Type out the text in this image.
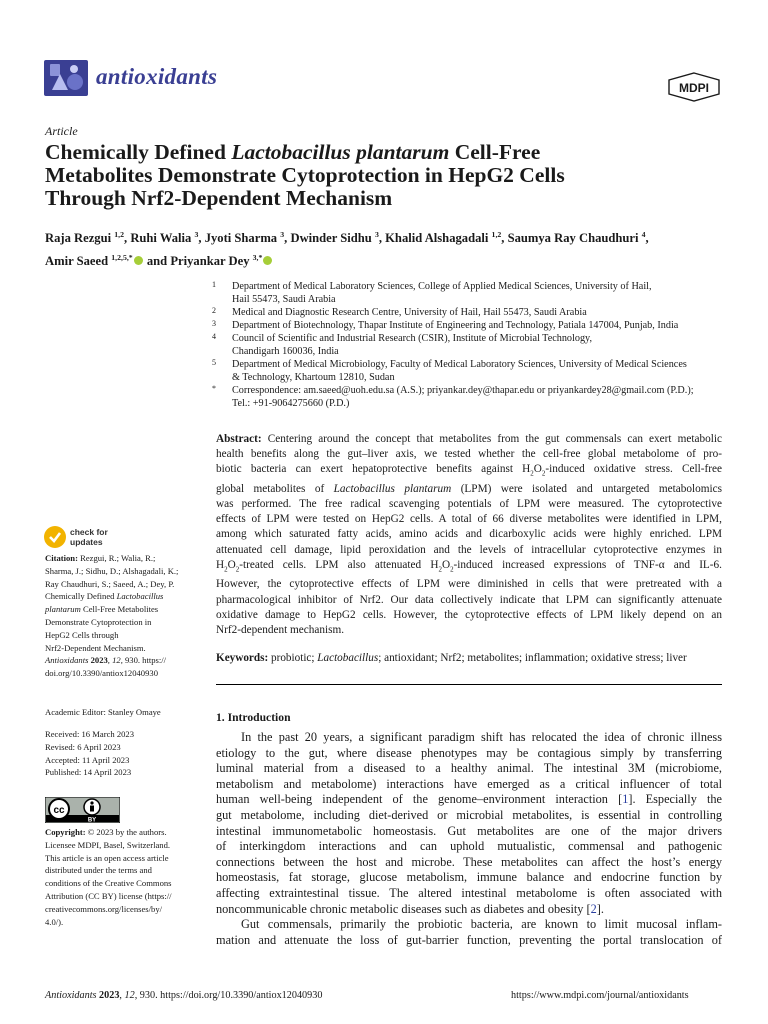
antioxidants	MDPI
Article
Chemically Defined Lactobacillus plantarum Cell-Free
Metabolites Demonstrate Cytoprotection in HepG2 Cells
Through Nrf2-Dependent Mechanism
Raja Rezgui $^{1,2}$, Ruhi Walia $^3$, Jyoti Sharma $^3$, Dwinder Sidhu $^3$, Khalid Alshagadali $^{1,2}$, Saumya Ray Chaudhuri $^4$,
Amir Saeed $^{1,2,5,*}$ and Priyankar Dey $^{3,*}$
1 Department of Medical Laboratory Sciences, College of Applied Medical Sciences, University of Hail,
Hail 55473, Saudi Arabia
2 Medical and Diagnostic Research Centre, University of Hail, Hail 55473, Saudi Arabia
3 Department of Biotechnology, Thapar Institute of Engineering and Technology, Patiala 147004, Punjab, India
4 Council of Scientific and Industrial Research (CSIR), Institute of Microbial Technology,
Chandigarh 160036, India
5 Department of Medical Microbiology, Faculty of Medical Laboratory Sciences, University of Medical Sciences
& Technology, Khartoum 12810, Sudan
* Correspondence: am.saeed@uoh.edu.sa (A.S.); priyankar.dey@thapar.edu or priyankardey28@gmail.com (P.D.);
Tel.: +91-9064275660 (P.D.)
Abstract: Centering around the concept that metabolites from the gut commensals can exert metabolic
health benefits along the gut–liver axis, we tested whether the cell-free global metabolome of pro-
biotic bacteria can exert hepatoprotective benefits against $H_2O_2$-induced oxidative stress. Cell-free
global metabolites of Lactobacillus plantarum (LPM) were isolated and untargeted metabolomics
was performed. The free radical scavenging potentials of LPM were measured. The cytoprotective
effects of LPM were tested on HepG2 cells. A total of 66 diverse metabolites were identified in LPM,
among which saturated fatty acids, amino acids and dicarboxylic acids were highly enriched. LPM
attenuated cell damage, lipid peroxidation and the levels of intracellular cytoprotective enzymes in
$H_2O_2$-treated cells. LPM also attenuated $H_2O_2$-induced increased expressions of TNF-α and IL-6.
However, the cytoprotective effects of LPM were diminished in cells that were pretreated with a
pharmacological inhibitor of Nrf2. Our data collectively indicate that LPM can significantly attenuate
oxidative damage to HepG2 cells. However, the cytoprotective effects of LPM likely depend on an
Nrf2-dependent mechanism.
Keywords: probiotic; Lactobacillus; antioxidant; Nrf2; metabolites; inflammation; oxidative stress; liver
1. Introduction
In the past 20 years, a significant paradigm shift has relocated the idea of chronic illness
etiology to the gut, where disease phenotypes may be contagious simply by transferring
luminal material from a diseased to a healthy animal. The intestinal 3M (microbiome,
metabolism and metabolome) interactions have emerged as a critical influencer of total
human well-being independent of the genome–environment interaction [1]. Especially the
gut metabolome, including diet-derived or microbial metabolites, is essential in controlling
intestinal immunometabolic homeostasis. Gut metabolites are one of the major drivers
of interkingdom interactions and can uphold mutualistic, commensal and pathogenic
connections between the host and microbe. These metabolites can affect the host’s energy
homeostasis, fat storage, glucose metabolism, immune balance and endocrine function by
affecting extraintestinal tissue. The altered intestinal metabolome is often associated with
noncommunicable chronic metabolic diseases such as diabetes and obesity [2].
Gut commensals, primarily the probiotic bacteria, are known to limit mucosal inflam-
mation and attenuate the loss of gut-barrier function, preventing the portal translocation of
check for
updates
Citation: Rezgui, R.; Walia, R.;
Sharma, J.; Sidhu, D.; Alshagadali, K.;
Ray Chaudhuri, S.; Saeed, A.; Dey, P.
Chemically Defined Lactobacillus
plantarum Cell-Free Metabolites
Demonstrate Cytoprotection in
HepG2 Cells through
Nrf2-Dependent Mechanism.
Antioxidants 2023, 12, 930. https://
doi.org/10.3390/antiox12040930
Academic Editor: Stanley Omaye
Received: 16 March 2023
Revised: 6 April 2023
Accepted: 11 April 2023
Published: 14 April 2023
cc
BY
Copyright: © 2023 by the authors.
Licensee MDPI, Basel, Switzerland.
This article is an open access article
distributed under the terms and
conditions of the Creative Commons
Attribution (CC BY) license (https://
creativecommons.org/licenses/by/
4.0/).
Antioxidants 2023, 12, 930. https://doi.org/10.3390/antiox12040930	https://www.mdpi.com/journal/antioxidants
